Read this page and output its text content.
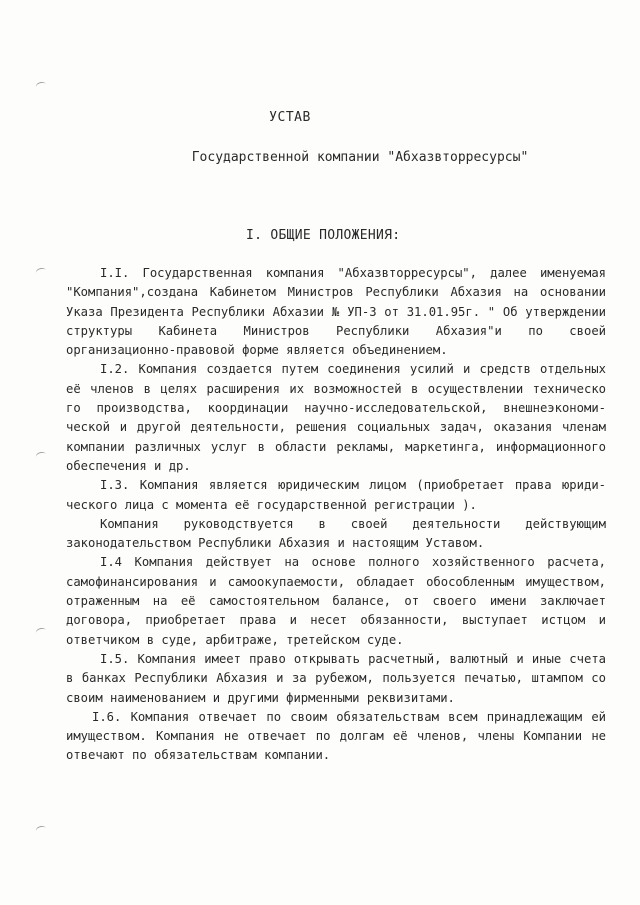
УСТАВ
Государственной компании "Абхазвторресурсы"
I. ОБЩИЕ ПОЛОЖЕНИЯ:

I.I. Государственная компания "Абхазвторресурсы", далее именуемая "Компания",создана Кабинетом Министров Республики Абхазия на основании Указа Президента Республики Абхазии № УП-3 от 31.01.95г. " Об утверждении структуры Кабинета Министров Республики Абхазия"и по своей организационно-правовой форме является объединением.

I.2. Компания создается путем соединения усилий и средств отдельных её членов в целях расширения их возможностей в осуществлении техническо го производства, координации научно-исследовательской, внешнеэкономи- ческой и другой деятельности, решения социальных задач, оказания членам компании различных услуг в области рекламы, маркетинга, информационного обеспечения и др.

I.3. Компания является юридическим лицом (приобретает права юриди- ческого лица с момента её государственной регистрации ).

Компания руководствуется в своей деятельности действующим законодательством Республики Абхазия и настоящим Уставом.

I.4 Компания действует на основе полного хозяйственного расчета, самофинансирования и самоокупаемости, обладает обособленным имуществом, отраженным на её самостоятельном балансе, от своего имени заключает договора, приобретает права и несет обязанности, выступает истцом и ответчиком в суде, арбитраже, третейском суде.

I.5. Компания имеет право открывать расчетный, валютный и иные счета в банках Республики Абхазия и за рубежом, пользуется печатью, штампом со своим наименованием и другими фирменными реквизитами.

I.6. Компания отвечает по своим обязательствам всем принадлежащим ей имуществом. Компания не отвечает по долгам её членов, члены Компании не отвечают по обязательствам компании.
